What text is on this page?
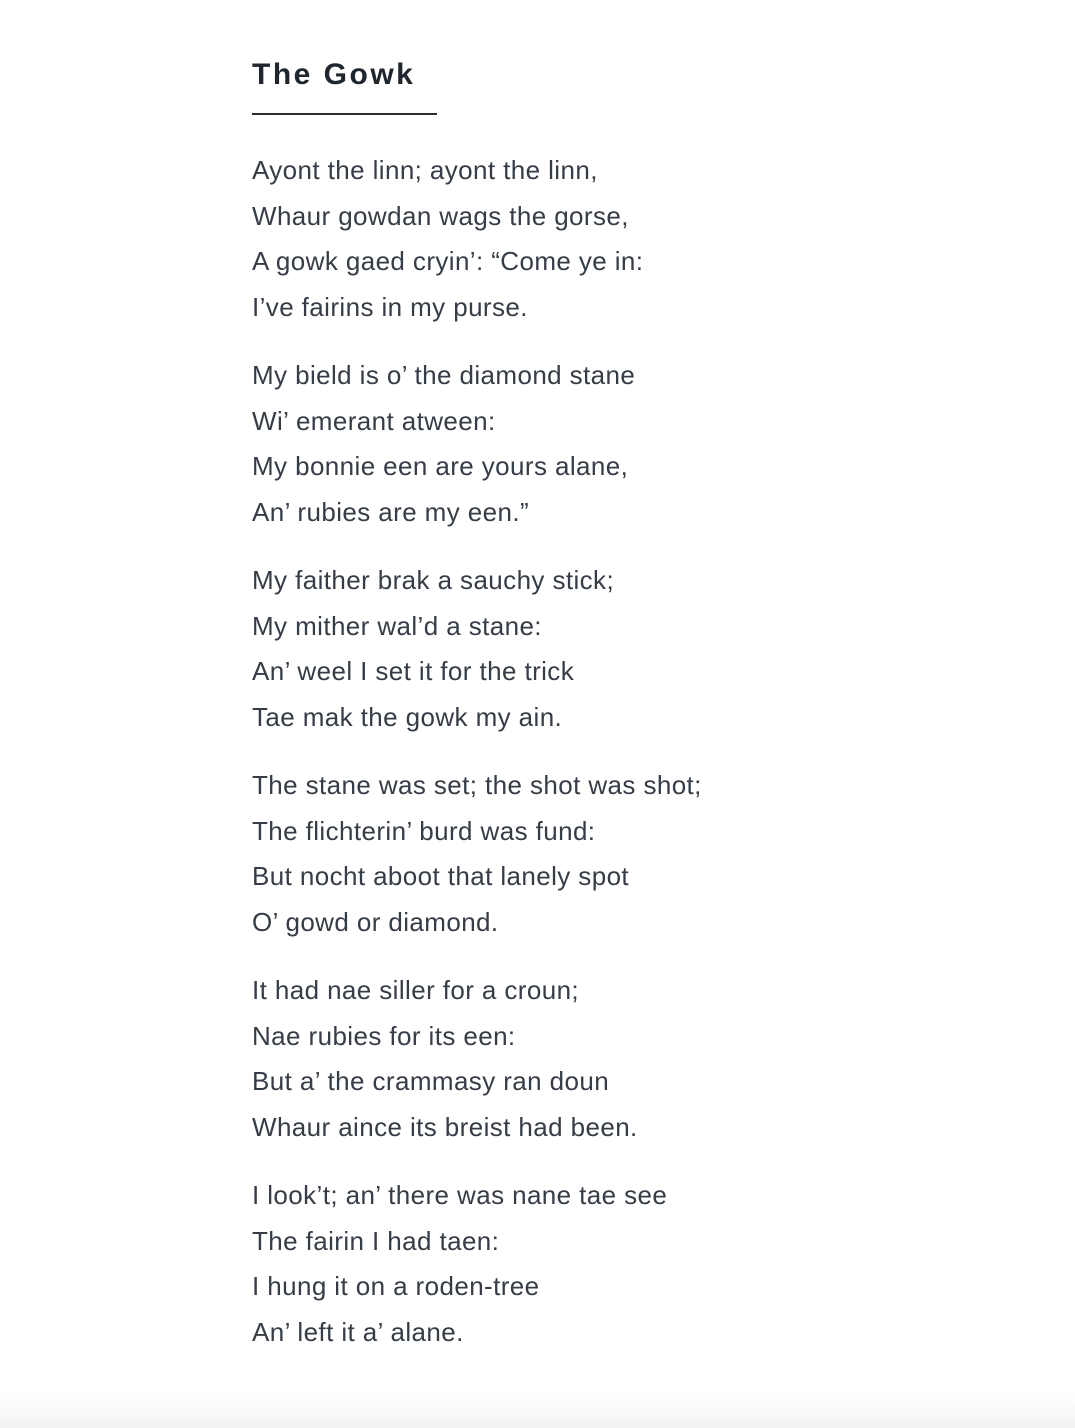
The Gowk
Ayont the linn; ayont the linn,
Whaur gowdan wags the gorse,
A gowk gaed cryin’: “Come ye in:
I’ve fairins in my purse.
My bield is o’ the diamond stane
Wi’ emerant atween:
My bonnie een are yours alane,
An’ rubies are my een.”
My faither brak a sauchy stick;
My mither wal’d a stane:
An’ weel I set it for the trick
Tae mak the gowk my ain.
The stane was set; the shot was shot;
The flichterin’ burd was fund:
But nocht aboot that lanely spot
O’ gowd or diamond.
It had nae siller for a croun;
Nae rubies for its een:
But a’ the crammasy ran doun
Whaur aince its breist had been.
I look’t; an’ there was nane tae see
The fairin I had taen:
I hung it on a roden-tree
An’ left it a’ alane.
